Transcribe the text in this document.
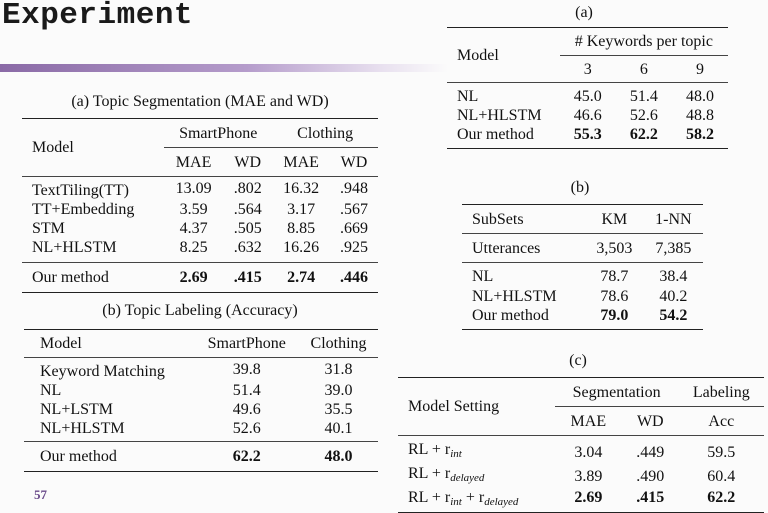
Experiment
57
(a) Topic Segmentation (MAE and WD)
Model	SmartPhone		Clothing	
	MAE	WD	MAE	WD
TextTiling(TT)	13.09	.802	16.32	.948
TT+Embedding	3.59	.564	3.17	.567
STM	4.37	.505	8.85	.669
NL+HLSTM	8.25	.632	16.26	.925
Our method	2.69	.415	2.74	.446
(b) Topic Labeling (Accuracy)
Model	SmartPhone	Clothing
Keyword Matching	39.8	31.8
NL	51.4	39.0
NL+LSTM	49.6	35.5
NL+HLSTM	52.6	40.1
Our method	62.2	48.0
(a)
Model	# Keywords per topic		
	3	6	9
NL	45.0	51.4	48.0
NL+HLSTM	46.6	52.6	48.8
Our method	55.3	62.2	58.2
(b)
SubSets	KM	1-NN
Utterances	3,503	7,385
NL	78.7	38.4
NL+HLSTM	78.6	40.2
Our method	79.0	54.2
(c)
Model Setting	Segmentation		Labeling
	MAE	WD	Acc
RL + $r_{int}$	3.04	.449	59.5
RL + $r_{delayed}$	3.89	.490	60.4
RL + $r_{int} + r_{delayed}$	2.69	.415	62.2
